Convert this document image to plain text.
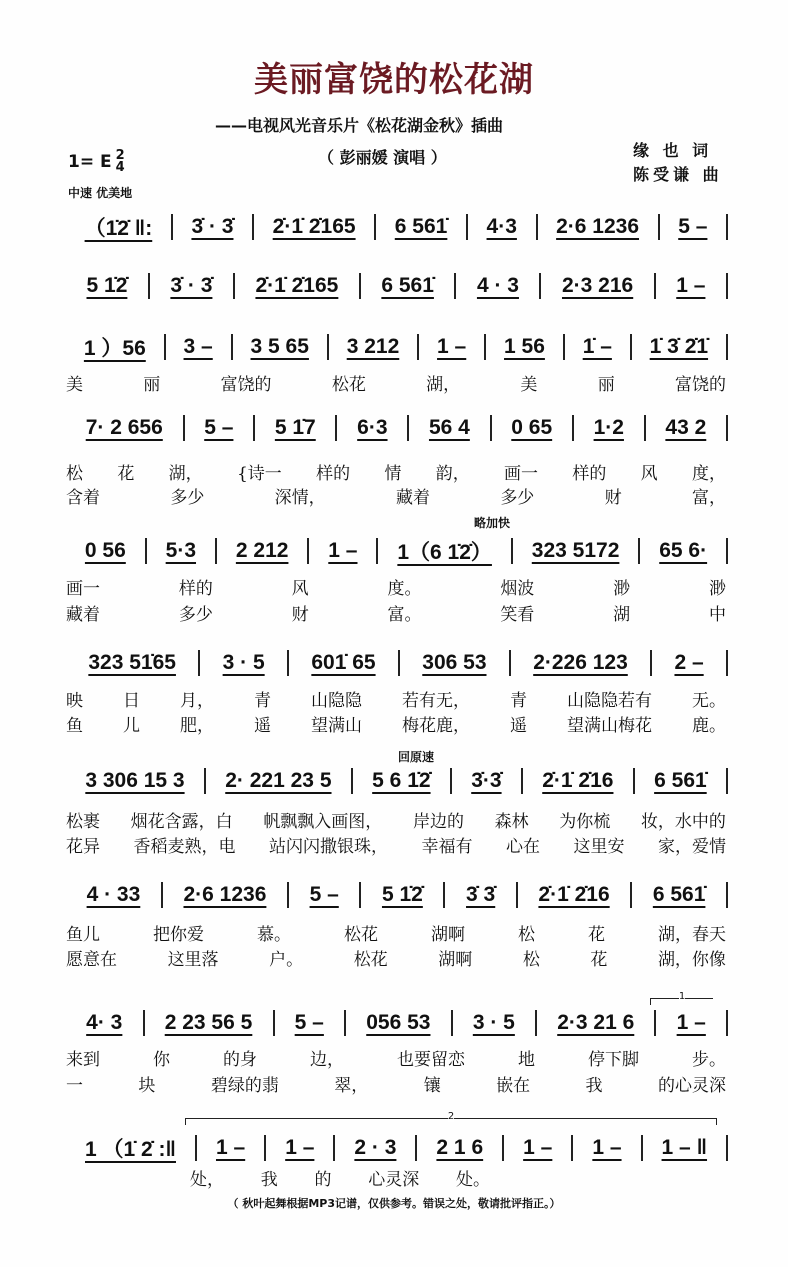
美丽富饶的松花湖
——电视风光音乐片《松花湖金秋》插曲
（ 彭丽媛 演唱 ）	缘 也 词
陈受谦 曲
1= E 2
4
中速 优美地
略加快
回原速
1
2
（ 秋叶起舞根据MP3记谱，仅供参考。错误之处，敬请批评指正。）
（1̇2̇ ‖:	3̇ · 3̇	2̇·1̇ 2̇165	6 561̇	4·3	2·6 1236	5 –
5 1̇2̇	3̇ · 3̇	2̇·1̇ 2̇165	6 561̇	4 · 3	2·3 216	1 –
1 ）56	3 –	3 5 65	3 212	1 –	1 56	1̇ –	1̇ 3̇ 2̇1̇
7· 2 656	5 –	5 1̇7	6·3	56 4	0 65	1·2	43 2
0 56	5·3	2 212	1 –	1（6 1̇2̇）	323 5172	65 6·
323 51̇65	3 · 5	601̇ 65	306 53	2·226 123	2 –
3 306 15 3	2· 221 23 5	5 6 1̇2̇	3̇·3̇	2̇·1̇ 2̇16	6 561̇
4 · 33	2·6 1236	5 –	5 1̇2̇	3̇ 3̇	2̇·1̇ 2̇16	6 561̇
4· 3	2 23 56 5	5 –	056 53	3 · 5	2·3 21 6	1 –
1 （1̇ 2̇ :‖	1 –	1 –	2 · 3	2 1 6	1 –	1 –	1 – ‖
美	丽	富饶的	松花	湖，	美	丽	富饶的
松 花 湖， {诗一 样的 情 韵， 画一 样的 风 度，
含着	多少	深情，	藏着	多少	财	富，
画一	样的	风	度。	烟波	渺	渺
藏着	多少	财	富。	笑看	湖	中
映 日 月， 青 山隐隐 若有无， 青 山隐隐若有 无。
鱼 儿 肥， 遥 望满山 梅花鹿， 遥 望满山梅花 鹿。
松裹 烟花含露，白 帆飘飘入画图， 岸边的 森林 为你梳 妆，水中的
花异 香稻麦熟，电 站闪闪撒银珠， 幸福有 心在 这里安 家，爱情
鱼儿	把你爱	慕。	松花	湖啊	松	花	湖，春天
愿意在	这里落	户。	松花	湖啊	松	花	湖，你像
来到	你	的身	边，	也要留恋	地	停下脚	步。
一	块	碧绿的翡	翠，	镶	嵌在	我	的心灵深
处， 我 的 心灵深 处。
